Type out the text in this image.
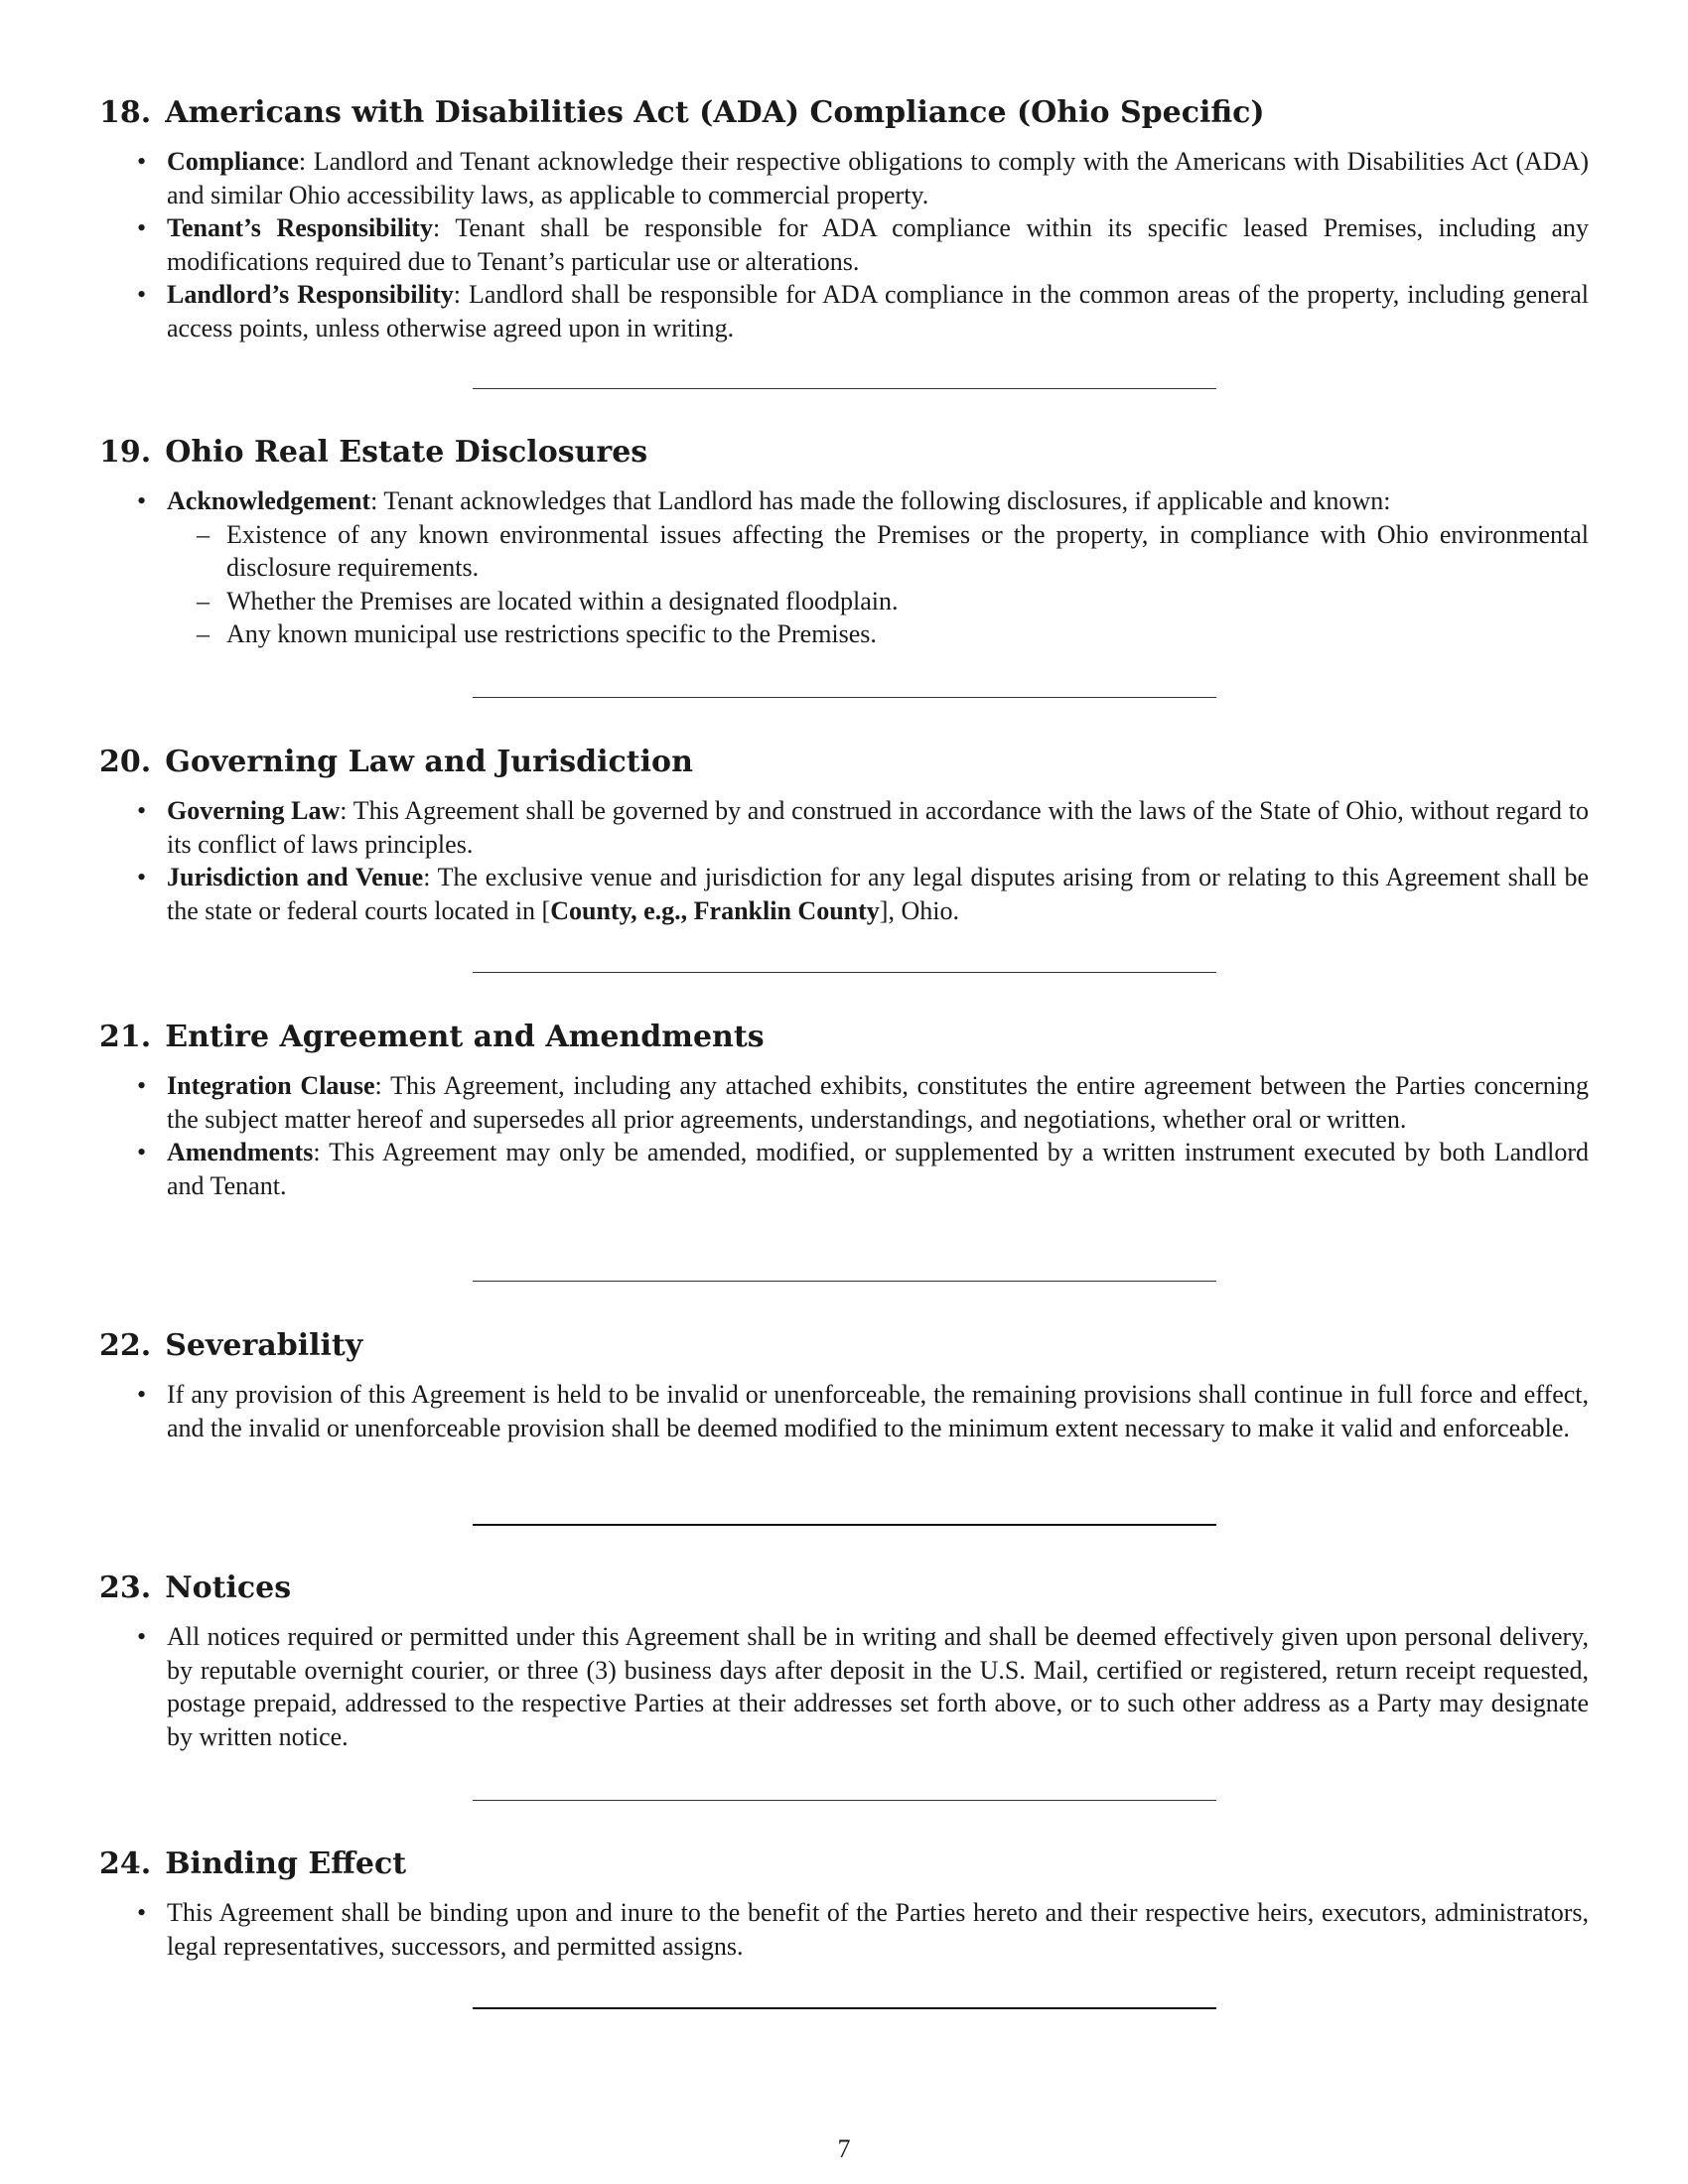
18. Americans with Disabilities Act (ADA) Compliance (Ohio Specific)
• Compliance: Landlord and Tenant acknowledge their respective obligations to comply with the Americans with Disabilities Act (ADA) and similar Ohio accessibility laws, as applicable to commercial property.
• Tenant’s Responsibility: Tenant shall be responsible for ADA compliance within its specific leased Premises, including any modifications required due to Tenant’s particular use or alterations.
• Landlord’s Responsibility: Landlord shall be responsible for ADA compliance in the common areas of the property, including general access points, unless otherwise agreed upon in writing.
19. Ohio Real Estate Disclosures
• Acknowledgement: Tenant acknowledges that Landlord has made the following disclosures, if applicable and known:
– Existence of any known environmental issues affecting the Premises or the property, in compliance with Ohio environmental disclosure requirements.
– Whether the Premises are located within a designated floodplain.
– Any known municipal use restrictions specific to the Premises.
20. Governing Law and Jurisdiction
• Governing Law: This Agreement shall be governed by and construed in accordance with the laws of the State of Ohio, without regard to its conflict of laws principles.
• Jurisdiction and Venue: The exclusive venue and jurisdiction for any legal disputes arising from or relating to this Agreement shall be the state or federal courts located in [County, e.g., Franklin County], Ohio.
21. Entire Agreement and Amendments
• Integration Clause: This Agreement, including any attached exhibits, constitutes the entire agreement between the Parties concerning the subject matter hereof and supersedes all prior agreements, understandings, and negotiations, whether oral or written.
• Amendments: This Agreement may only be amended, modified, or supplemented by a written instrument executed by both Landlord and Tenant.
22. Severability
• If any provision of this Agreement is held to be invalid or unenforceable, the remaining provisions shall continue in full force and effect, and the invalid or unenforceable provision shall be deemed modified to the minimum extent necessary to make it valid and enforceable.
23. Notices
• All notices required or permitted under this Agreement shall be in writing and shall be deemed effectively given upon personal delivery, by reputable overnight courier, or three (3) business days after deposit in the U.S. Mail, certified or registered, return receipt requested, postage prepaid, addressed to the respective Parties at their addresses set forth above, or to such other address as a Party may designate by written notice.
24. Binding Effect
• This Agreement shall be binding upon and inure to the benefit of the Parties hereto and their respective heirs, executors, administrators, legal representatives, successors, and permitted assigns.
7
